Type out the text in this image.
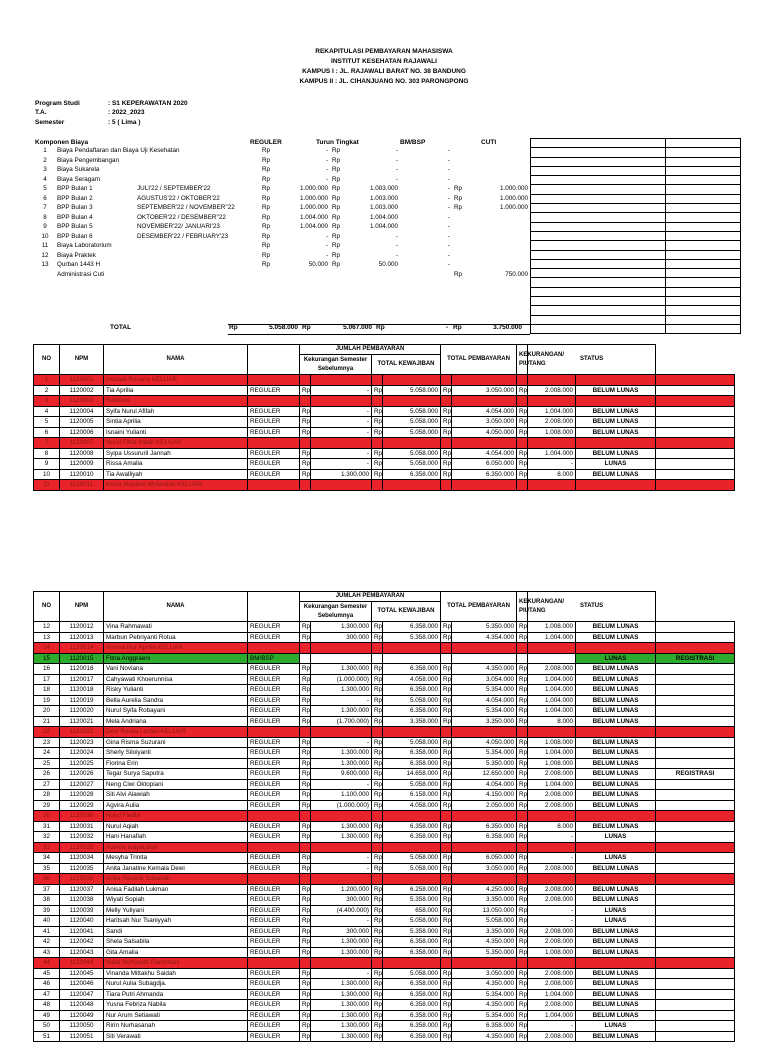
REKAPITULASI PEMBAYARAN MAHASISWA
INSTITUT KESEHATAN RAJAWALI
KAMPUS I : JL. RAJAWALI BARAT NO. 38 BANDUNG
KAMPUS II : JL. CIHANJUANG NO. 303 PARONGPONG
Program Studi	: S1 KEPERAWATAN 2020
T.A.	: 2022_2023
Semester	: 5 ( Lima )
Komponen Biaya	REGULER	Turun Tingkat	BM/BSP	CUTI
1	Biaya Pendaftaran dan Biaya Uji Kesehatan		Rp	-	Rp	-		-		
2	Biaya Pengembangan		Rp	-	Rp	-		-		
3	Biaya Sukarela		Rp	-	Rp	-		-		
4	Biaya Seragam		Rp	-	Rp	-		-		
5	BPP Bulan 1	JULI'22 / SEPTEMBER'22	Rp	1.000.000	Rp	1.003.000		-	Rp	1.000.000
6	BPP Bulan 2	AGUSTUS'22 / OKTOBER'22	Rp	1.000.000	Rp	1.003.000		-	Rp	1.000.000
7	BPP Bulan 3	SEPTEMBER'22 / NOVEMBER''22	Rp	1.000.000	Rp	1.003.000		-	Rp	1.000.000
8	BPP Bulan 4	OKTOBER'22 / DESEMBER''22	Rp	1.004.000	Rp	1.004.000		-		
9	BPP Bulan 5	NOVEMBER'22/ JANUARI'23	Rp	1.004.000	Rp	1.004.000		-		
10	BPP Bulan 6	DESEMBER'22 / FEBRUARY'23	Rp	-	Rp	-		-		
11	Biaya Laboratorium		Rp	-	Rp	-		-		
12	Biaya Praktek		Rp	-	Rp	-		-		
13	Qurban 1443 H		Rp	50.000	Rp	50.000		-		
	Administrasi Cuti								Rp	750.000

TOTAL	Rp	5.058.000 Rp	5.067.000 Rp	- Rp	3.750.000
NO	NPM	NAMA		JUMLAH PEMBAYARAN				TOTAL PEMBAYARAN		KEKURANGAN/ PIUTANG	STATUS		
				Kekurangan Semester Sebelumnya		TOTAL KEWAJIBAN							
1	1120001	Intanati Rosana KELUAR											
2	1120002	Tia Aprilia	REGULER	Rp	-	Rp	5.058.000	Rp	3.050.000	Rp	2.008.000	BELUM LUNAS	
3	1120003	Rafdiani											
4	1120004	Syifa Nurul Afifah	REGULER	Rp	-	Rp	5.058.000	Rp	4.054.000	Rp	1.004.000	BELUM LUNAS	
5	1120005	Sintia Aprilia	REGULER	Rp	-	Rp	5.058.000	Rp	3.050.000	Rp	2.008.000	BELUM LUNAS	
6	1120006	Isnaini Yulianti	REGULER	Rp	-	Rp	5.058.000	Rp	4.050.000	Rp	1.008.000	BELUM LUNAS	
7	1120007	Nurul Fitria Indah KELUAR											
8	1120008	Syipa Ussururil Jannah	REGULER	Rp	-	Rp	5.058.000	Rp	4.054.000	Rp	1.004.000	BELUM LUNAS	
9	1120009	Rissa Amalia	REGULER	Rp	-	Rp	5.058.000	Rp	6.050.000	Rp	-	LUNAS	
10	1120010	Tia Awalliyah	REGULER	Rp	1.300.000	Rp	6.358.000	Rp	6.350.000	Rp	8.000	BELUM LUNAS	
11	1120011	Kezia Maulani Wulandari KELUAR											
NO	NPM	NAMA		JUMLAH PEMBAYARAN				TOTAL PEMBAYARAN		KEKURANGAN/ PIUTANG	STATUS		
				Kekurangan Semester Sebelumnya		TOTAL KEWAJIBAN							
12	1120012	Vina Rahmawati	REGULER	Rp	1.300.000	Rp	6.358.000	Rp	5.350.000	Rp	1.008.000	BELUM LUNAS	
13	1120013	Marbun Pebriyanti Rotua	REGULER	Rp	300.000	Rp	5.358.000	Rp	4.354.000	Rp	1.004.000	BELUM LUNAS	
14	1120014	Annisa Nur Aprilia KELUAR											
15	1120015	Fitria Anggraeni	BM/BSP									LUNAS	REGISTRASI
16	1120016	Vani Noviana	REGULER	Rp	1.300.000	Rp	6.358.000	Rp	4.350.000	Rp	2.008.000	BELUM LUNAS	
17	1120017	Cahyawati Khoerunnisa	REGULER	Rp	(1.000.000)	Rp	4.058.000	Rp	3.054.000	Rp	1.004.000	BELUM LUNAS	
18	1120018	Risky Yulianti	REGULER	Rp	1.300.000	Rp	6.358.000	Rp	5.354.000	Rp	1.004.000	BELUM LUNAS	
19	1120019	Bella Aurelia Sandra	REGULER	Rp	-	Rp	5.058.000	Rp	4.054.000	Rp	1.004.000	BELUM LUNAS	
20	1120020	Nurul Syifa Robayani	REGULER	Rp	1.300.000	Rp	6.358.000	Rp	5.354.000	Rp	1.004.000	BELUM LUNAS	
21	1120021	Mela Andriana	REGULER	Rp	(1.700.000)	Rp	3.358.000	Rp	3.350.000	Rp	8.000	BELUM LUNAS	
22	1120022	Devi Rosita Lestari KELUAR											
23	1120023	Gina Risma Suzurani	REGULER	Rp	-	Rp	5.058.000	Rp	4.050.000	Rp	1.008.000	BELUM LUNAS	
24	1120024	Sherly Siloiyanti	REGULER	Rp	1.300.000	Rp	6.358.000	Rp	5.354.000	Rp	1.004.000	BELUM LUNAS	
25	1120025	Fiorina Erin	REGULER	Rp	1.300.000	Rp	6.358.000	Rp	5.350.000	Rp	1.008.000	BELUM LUNAS	
26	1120026	Tegar Surya Saputra	REGULER	Rp	9.600.000	Rp	14.658.000	Rp	12.650.000	Rp	2.008.000	BELUM LUNAS	REGISTRASI
27	1120027	Neng Ciwi Oktopiani	REGULER	Rp	-	Rp	5.058.000	Rp	4.054.000	Rp	1.004.000	BELUM LUNAS	
28	1120028	Siti Alvi Alawiah	REGULER	Rp	1.100.000	Rp	6.158.000	Rp	4.150.000	Rp	2.008.000	BELUM LUNAS	
29	1120029	Agvira Aulia	REGULER	Rp	(1.000.000)	Rp	4.058.000	Rp	2.050.000	Rp	2.008.000	BELUM LUNAS	
30	1120030	Nurul Fadila											
31	1120031	Nurul Aqiah	REGULER	Rp	1.300.000	Rp	6.358.000	Rp	6.350.000	Rp	8.000	BELUM LUNAS	
32	1120032	Hani Hanafiah	REGULER	Rp	1.300.000	Rp	6.358.000	Rp	6.358.000	Rp	-	LUNAS	
33	1120033	Adinda Inayatullah											
34	1120034	Mesyha Trinita	REGULER	Rp	-	Rp	5.058.000	Rp	6.050.000	Rp	-	LUNAS	
35	1120035	Anita Janatine Kemala Dewi	REGULER	Rp	-	Rp	5.058.000	Rp	3.050.000	Rp	2.008.000	BELUM LUNAS	
36	1120036	Anita Resanti Sobariah											
37	1120037	Anisa Fadilah Lukman	REGULER	Rp	1.200.000	Rp	6.258.000	Rp	4.250.000	Rp	2.008.000	BELUM LUNAS	
38	1120038	Wiyati Sopiah	REGULER	Rp	300.000	Rp	5.358.000	Rp	3.350.000	Rp	2.008.000	BELUM LUNAS	
39	1120039	Melly Yuliyani	REGULER	Rp	(4.400.000)	Rp	658.000	Rp	13.050.000	Rp	-	LUNAS	
40	1120040	Haritsah Nur Tsaniyyah	REGULER	Rp	-	Rp	5.058.000	Rp	5.058.000	Rp	-	LUNAS	
41	1120041	Sandi	REGULER	Rp	300.000	Rp	5.358.000	Rp	3.350.000	Rp	2.008.000	BELUM LUNAS	
42	1120042	Shela Salsabila	REGULER	Rp	1.300.000	Rp	6.358.000	Rp	4.350.000	Rp	2.008.000	BELUM LUNAS	
43	1120043	Gita Amalia	REGULER	Rp	1.300.000	Rp	6.358.000	Rp	5.350.000	Rp	1.008.000	BELUM LUNAS	
44	1120044	Naila Nurhayati Ramdhani											
45	1120045	Vinanda Mittakhu Saidah	REGULER	Rp	-	Rp	5.058.000	Rp	3.050.000	Rp	2.008.000	BELUM LUNAS	
46	1120046	Nurul Aulia Subagdja.	REGULER	Rp	1.300.000	Rp	6.358.000	Rp	4.350.000	Rp	2.008.000	BELUM LUNAS	
47	1120047	Tiara Putri Ahmanda	REGULER	Rp	1.300.000	Rp	6.358.000	Rp	5.354.000	Rp	1.004.000	BELUM LUNAS	
48	1120048	Yusna Febriza Nabila	REGULER	Rp	1.300.000	Rp	6.358.000	Rp	4.350.000	Rp	2.008.000	BELUM LUNAS	
49	1120049	Nur Arum Setiawati	REGULER	Rp	1.300.000	Rp	6.358.000	Rp	5.354.000	Rp	1.004.000	BELUM LUNAS	
50	1120050	Ririn Nurhasanah	REGULER	Rp	1.300.000	Rp	6.358.000	Rp	6.358.000	Rp	-	LUNAS	
51	1120051	Siti Verawati	REGULER	Rp	1.300.000	Rp	6.358.000	Rp	4.350.000	Rp	2.008.000	BELUM LUNAS	
